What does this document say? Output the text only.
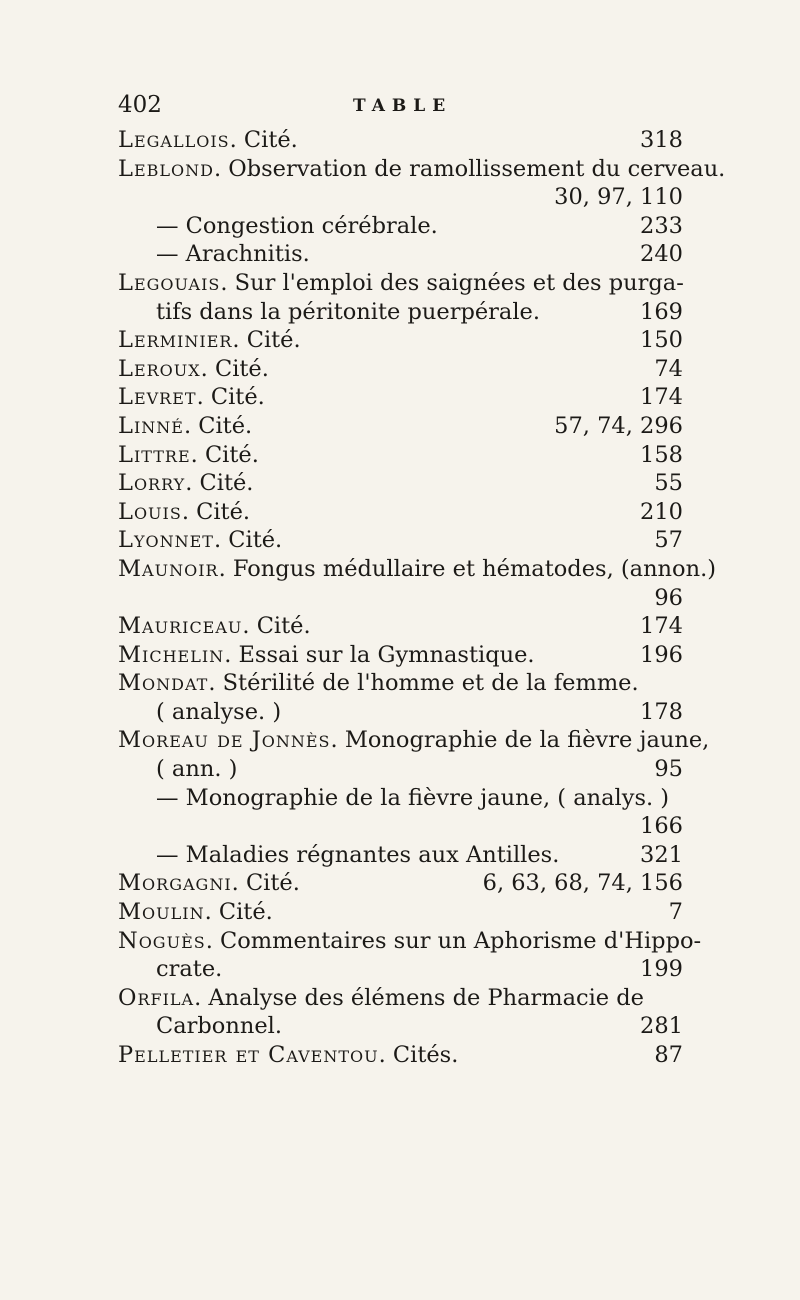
402	TABLE
Legallois. Cité.	318
Leblond. Observation de ramollissement du cerveau.
30, 97, 110
— Congestion cérébrale.	233
— Arachnitis.	240
Legouais. Sur l'emploi des saignées et des purga-
tifs dans la péritonite puerpérale.	169
Lerminier. Cité.	150
Leroux. Cité.	74
Levret. Cité.	174
Linné. Cité.	57, 74, 296
Littre. Cité.	158
Lorry. Cité.	55
Louis. Cité.	210
Lyonnet. Cité.	57
Maunoir. Fongus médullaire et hématodes, (annon.)
96
Mauriceau. Cité.	174
Michelin. Essai sur la Gymnastique.	196
Mondat. Stérilité de l'homme et de la femme.
( analyse. )	178
Moreau de Jonnès. Monographie de la fièvre jaune,
( ann. )	95
— Monographie de la fièvre jaune, ( analys. )
166
— Maladies régnantes aux Antilles.	321
Morgagni. Cité.	6, 63, 68, 74, 156
Moulin. Cité.	7
Noguès. Commentaires sur un Aphorisme d'Hippo-
crate.	199
Orfila. Analyse des élémens de Pharmacie de
Carbonnel.	281
Pelletier et Caventou. Cités.	87
